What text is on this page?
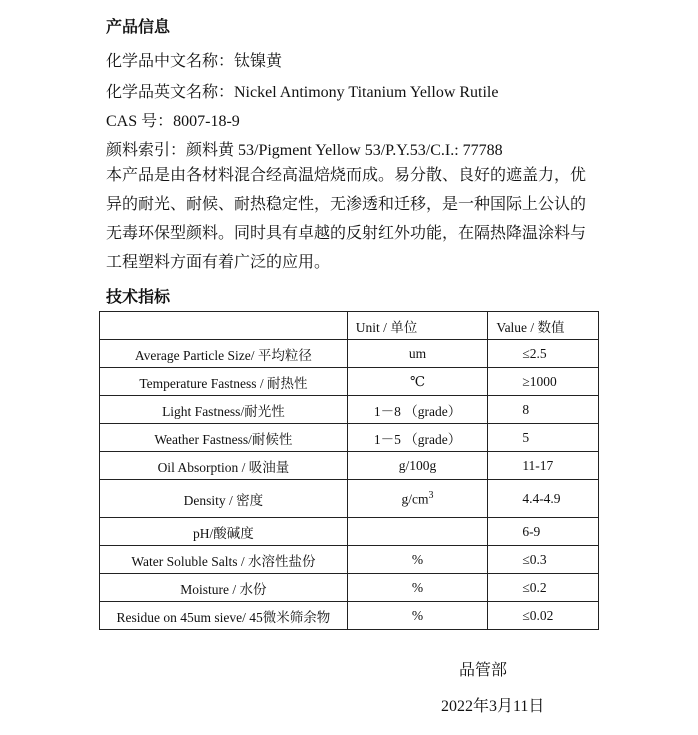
产品信息
化学品中文名称：钛镍黄
化学品英文名称：Nickel Antimony Titanium Yellow Rutile
CAS 号：8007-18-9
颜料索引：颜料黄 53/Pigment Yellow 53/P.Y.53/C.I.: 77788
本产品是由各材料混合经高温焙烧而成。易分散、良好的遮盖力，优
异的耐光、耐候、耐热稳定性，无渗透和迁移，是一种国际上公认的
无毒环保型颜料。同时具有卓越的反射红外功能，在隔热降温涂料与
工程塑料方面有着广泛的应用。
技术指标
	Unit / 单位	Value / 数值
Average Particle Size/ 平均粒径	um	≤2.5
Temperature Fastness / 耐热性	℃	≥1000
Light Fastness/耐光性	1－8 （grade）	8
Weather Fastness/耐候性	1－5 （grade）	5
Oil Absorption / 吸油量	g/100g	11-17
Density / 密度	$g/cm^3$	4.4-4.9
pH/酸碱度		6-9
Water Soluble Salts / 水溶性盐份	%	≤0.3
Moisture / 水份	%	≤0.2
Residue on 45um sieve/ 45微米筛余物	%	≤0.02
品管部
2022年3月11日
